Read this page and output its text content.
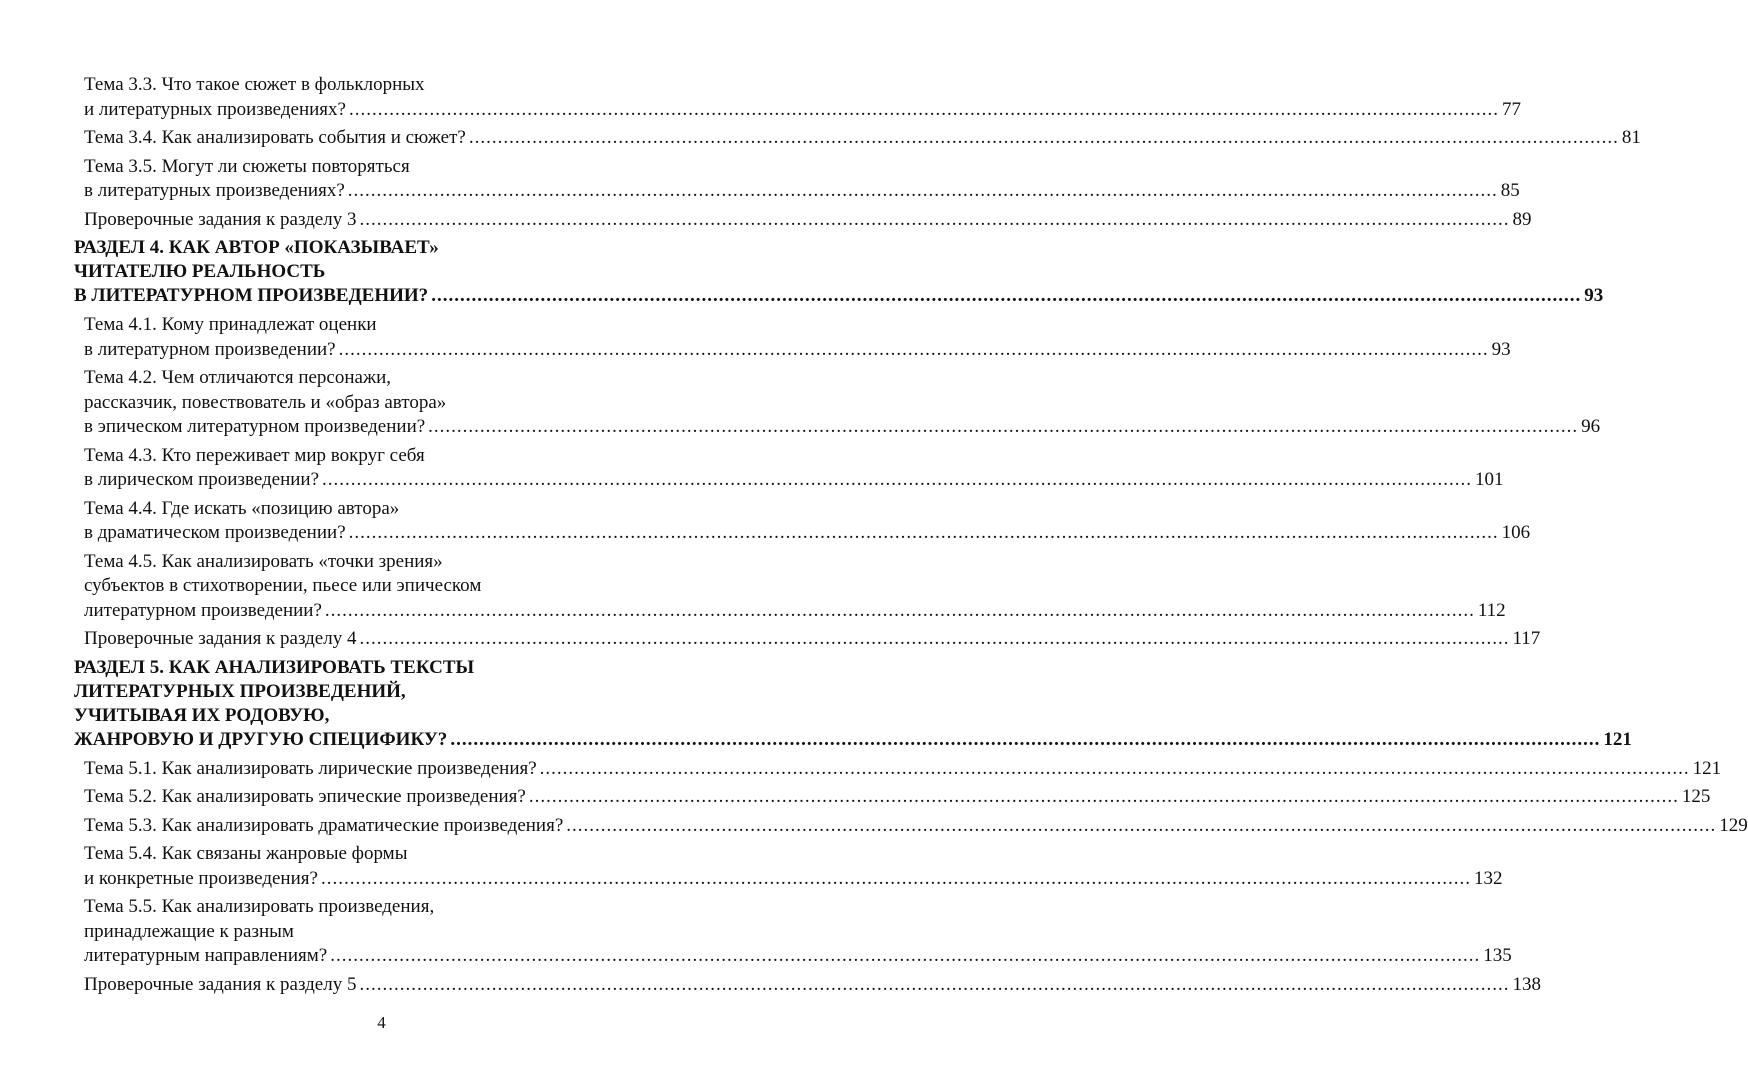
Тема 3.3. Что такое сюжет в фольклорных
и литературных произведениях? ........................................................................................................................................................................................................ 77
Тема 3.4. Как анализировать события и сюжет? ........................................................................................................................................................................................................ 81
Тема 3.5. Могут ли сюжеты повторяться
в литературных произведениях? ........................................................................................................................................................................................................ 85
Проверочные задания к разделу 3 ........................................................................................................................................................................................................ 89
РАЗДЕЛ 4. КАК АВТОР «ПОКАЗЫВАЕТ»
ЧИТАТЕЛЮ РЕАЛЬНОСТЬ
В ЛИТЕРАТУРНОМ ПРОИЗВЕДЕНИИ? ........................................................................................................................................................................................................ 93
Тема 4.1. Кому принадлежат оценки
в литературном произведении? ........................................................................................................................................................................................................ 93
Тема 4.2. Чем отличаются персонажи,
рассказчик, повествователь и «образ автора»
в эпическом литературном произведении? ........................................................................................................................................................................................................ 96
Тема 4.3. Кто переживает мир вокруг себя
в лирическом произведении? ........................................................................................................................................................................................................ 101
Тема 4.4. Где искать «позицию автора»
в драматическом произведении? ........................................................................................................................................................................................................ 106
Тема 4.5. Как анализировать «точки зрения»
субъектов в стихотворении, пьесе или эпическом
литературном произведении? ........................................................................................................................................................................................................ 112
Проверочные задания к разделу 4 ........................................................................................................................................................................................................ 117
РАЗДЕЛ 5. КАК АНАЛИЗИРОВАТЬ ТЕКСТЫ
ЛИТЕРАТУРНЫХ ПРОИЗВЕДЕНИЙ,
УЧИТЫВАЯ ИХ РОДОВУЮ,
ЖАНРОВУЮ И ДРУГУЮ СПЕЦИФИКУ? ........................................................................................................................................................................................................ 121
Тема 5.1. Как анализировать лирические произведения? ........................................................................................................................................................................................................ 121
Тема 5.2. Как анализировать эпические произведения? ........................................................................................................................................................................................................ 125
Тема 5.3. Как анализировать драматические произведения? ........................................................................................................................................................................................................ 129
Тема 5.4. Как связаны жанровые формы
и конкретные произведения? ........................................................................................................................................................................................................ 132
Тема 5.5. Как анализировать произведения,
принадлежащие к разным
литературным направлениям? ........................................................................................................................................................................................................ 135
Проверочные задания к разделу 5 ........................................................................................................................................................................................................ 138
4
